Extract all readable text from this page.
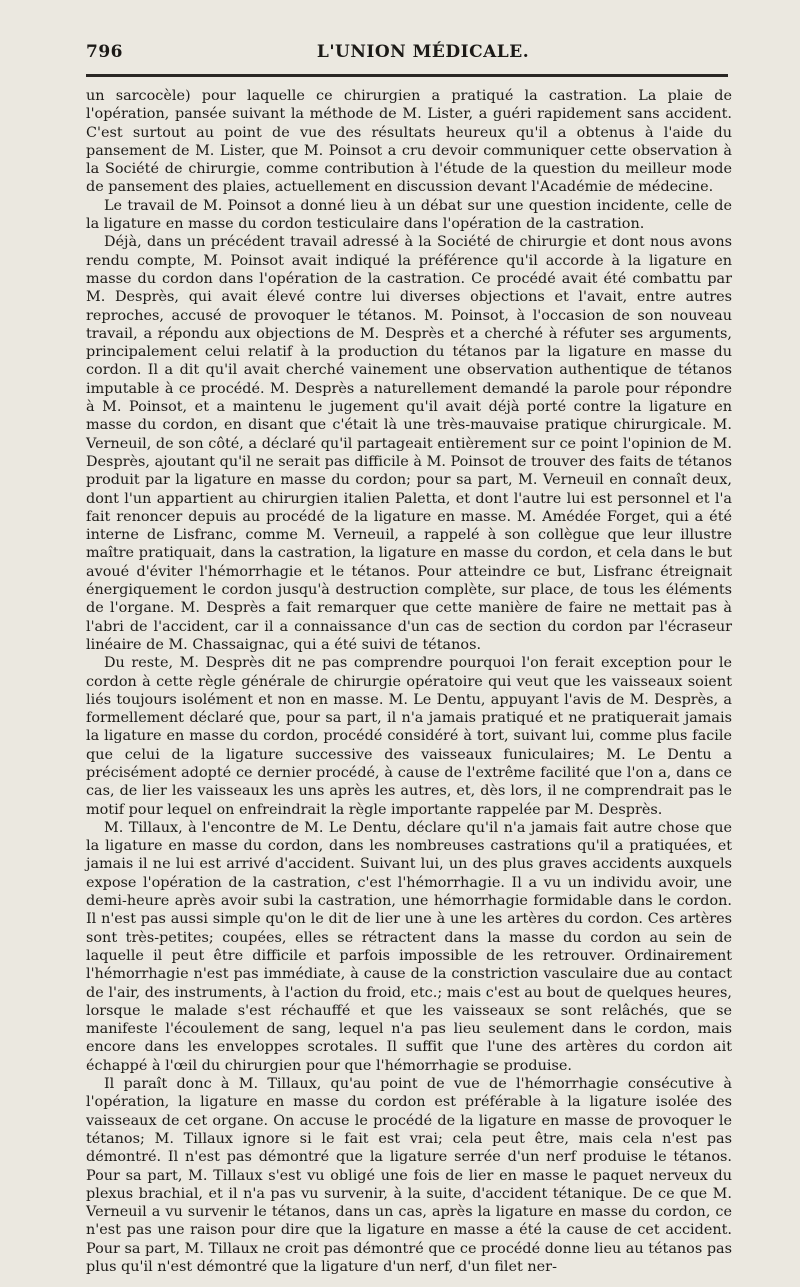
796	L'UNION MÉDICALE.

un sarcocèle) pour laquelle ce chirurgien a pratiqué la castration. La plaie de l'opération, pansée suivant la méthode de M. Lister, a guéri rapidement sans accident. C'est surtout au point de vue des résultats heureux qu'il a obtenus à l'aide du pansement de M. Lister, que M. Poinsot a cru devoir communiquer cette observation à la Société de chirurgie, comme contribution à l'étude de la question du meilleur mode de pansement des plaies, actuellement en discussion devant l'Académie de médecine.

Le travail de M. Poinsot a donné lieu à un débat sur une question incidente, celle de la ligature en masse du cordon testiculaire dans l'opération de la castration.

Déjà, dans un précédent travail adressé à la Société de chirurgie et dont nous avons rendu compte, M. Poinsot avait indiqué la préférence qu'il accorde à la ligature en masse du cordon dans l'opération de la castration. Ce procédé avait été combattu par M. Desprès, qui avait élevé contre lui diverses objections et l'avait, entre autres reproches, accusé de provoquer le tétanos. M. Poinsot, à l'occasion de son nouveau travail, a répondu aux objections de M. Desprès et a cherché à réfuter ses arguments, principalement celui relatif à la production du tétanos par la ligature en masse du cordon. Il a dit qu'il avait cherché vainement une observation authentique de tétanos imputable à ce procédé. M. Desprès a naturellement demandé la parole pour répondre à M. Poinsot, et a maintenu le jugement qu'il avait déjà porté contre la ligature en masse du cordon, en disant que c'était là une très-mauvaise pratique chirurgicale. M. Verneuil, de son côté, a déclaré qu'il partageait entièrement sur ce point l'opinion de M. Desprès, ajoutant qu'il ne serait pas difficile à M. Poinsot de trouver des faits de tétanos produit par la ligature en masse du cordon; pour sa part, M. Verneuil en connaît deux, dont l'un appartient au chirurgien italien Paletta, et dont l'autre lui est personnel et l'a fait renoncer depuis au procédé de la ligature en masse. M. Amédée Forget, qui a été interne de Lisfranc, comme M. Verneuil, a rappelé à son collègue que leur illustre maître pratiquait, dans la castration, la ligature en masse du cordon, et cela dans le but avoué d'éviter l'hémorrhagie et le tétanos. Pour atteindre ce but, Lisfranc étreignait énergiquement le cordon jusqu'à destruction complète, sur place, de tous les éléments de l'organe. M. Desprès a fait remarquer que cette manière de faire ne mettait pas à l'abri de l'accident, car il a connaissance d'un cas de section du cordon par l'écraseur linéaire de M. Chassaignac, qui a été suivi de tétanos.

Du reste, M. Desprès dit ne pas comprendre pourquoi l'on ferait exception pour le cordon à cette règle générale de chirurgie opératoire qui veut que les vaisseaux soient liés toujours isolément et non en masse. M. Le Dentu, appuyant l'avis de M. Desprès, a formellement déclaré que, pour sa part, il n'a jamais pratiqué et ne pratiquerait jamais la ligature en masse du cordon, procédé considéré à tort, suivant lui, comme plus facile que celui de la ligature successive des vaisseaux funiculaires; M. Le Dentu a précisément adopté ce dernier procédé, à cause de l'extrême facilité que l'on a, dans ce cas, de lier les vaisseaux les uns après les autres, et, dès lors, il ne comprendrait pas le motif pour lequel on enfreindrait la règle importante rappelée par M. Desprès.

M. Tillaux, à l'encontre de M. Le Dentu, déclare qu'il n'a jamais fait autre chose que la ligature en masse du cordon, dans les nombreuses castrations qu'il a pratiquées, et jamais il ne lui est arrivé d'accident. Suivant lui, un des plus graves accidents auxquels expose l'opération de la castration, c'est l'hémorrhagie. Il a vu un individu avoir, une demi-heure après avoir subi la castration, une hémorrhagie formidable dans le cordon. Il n'est pas aussi simple qu'on le dit de lier une à une les artères du cordon. Ces artères sont très-petites; coupées, elles se rétractent dans la masse du cordon au sein de laquelle il peut être difficile et parfois impossible de les retrouver. Ordinairement l'hémorrhagie n'est pas immédiate, à cause de la constriction vasculaire due au contact de l'air, des instruments, à l'action du froid, etc.; mais c'est au bout de quelques heures, lorsque le malade s'est réchauffé et que les vaisseaux se sont relâchés, que se manifeste l'écoulement de sang, lequel n'a pas lieu seulement dans le cordon, mais encore dans les enveloppes scrotales. Il suffit que l'une des artères du cordon ait échappé à l'œil du chirurgien pour que l'hémorrhagie se produise.

Il paraît donc à M. Tillaux, qu'au point de vue de l'hémorrhagie consécutive à l'opération, la ligature en masse du cordon est préférable à la ligature isolée des vaisseaux de cet organe. On accuse le procédé de la ligature en masse de provoquer le tétanos; M. Tillaux ignore si le fait est vrai; cela peut être, mais cela n'est pas démontré. Il n'est pas démontré que la ligature serrée d'un nerf produise le tétanos. Pour sa part, M. Tillaux s'est vu obligé une fois de lier en masse le paquet nerveux du plexus brachial, et il n'a pas vu survenir, à la suite, d'accident tétanique. De ce que M. Verneuil a vu survenir le tétanos, dans un cas, après la ligature en masse du cordon, ce n'est pas une raison pour dire que la ligature en masse a été la cause de cet accident. Pour sa part, M. Tillaux ne croit pas démontré que ce procédé donne lieu au tétanos pas plus qu'il n'est démontré que la ligature d'un nerf, d'un filet ner-
